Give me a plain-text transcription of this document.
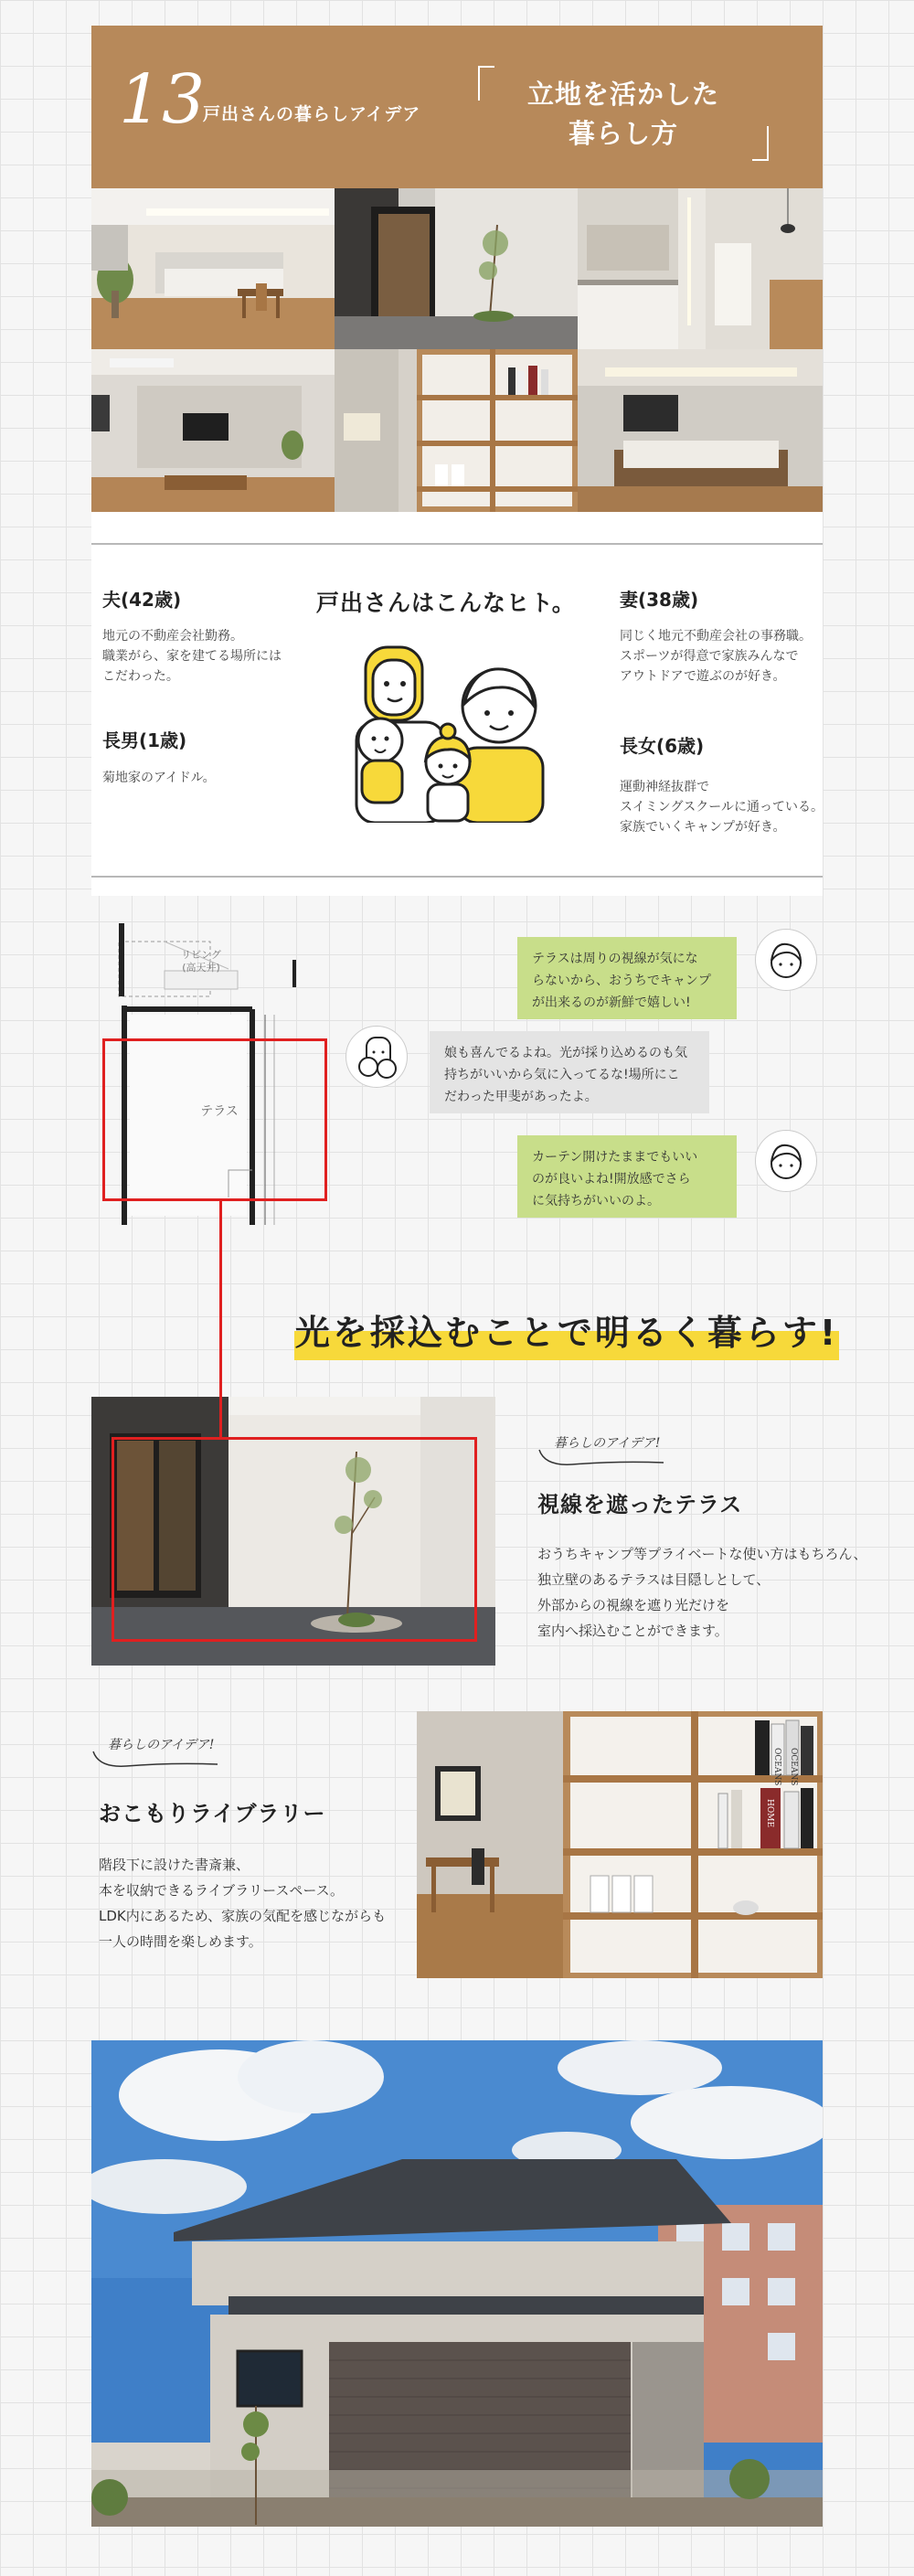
13
戸出さんの暮らしアイデア
立地を活かした
暮らし方
夫(42歳)
地元の不動産会社勤務。
職業がら、家を建てる場所には
こだわった。
長男(1歳)
菊地家のアイドル。
戸出さんはこんなヒト。 妻(38歳)
同じく地元不動産会社の事務職。
スポーツが得意で家族みんなで
アウトドアで遊ぶのが好き。
長女(6歳)
運動神経抜群で
スイミングスクールに通っている。
家族でいくキャンプが好き。
リビング
(高天井)
テラス
テラスは周りの視線が気にな
らないから、おうちでキャンプ
が出来るのが新鮮で嬉しい!
娘も喜んでるよね。光が採り込めるのも気
持ちがいいから気に入ってるな!場所にこ
だわった甲斐があったよ。
カーテン開けたままでもいい
のが良いよね!開放感でさら
に気持ちがいいのよ。
光を採込むことで明るく暮らす!
暮らしのアイデア!
視線を遮ったテラス
おうちキャンプ等プライベートな使い方はもちろん、
独立壁のあるテラスは目隠しとして、
外部からの視線を遮り光だけを
室内へ採込むことができます。
暮らしのアイデア!
おこもりライブラリー
階段下に設けた書斎兼、
本を収納できるライブラリースペース。
LDK内にあるため、家族の気配を感じながらも
一人の時間を楽しめます。
OCEANS OCEANS
HOME
